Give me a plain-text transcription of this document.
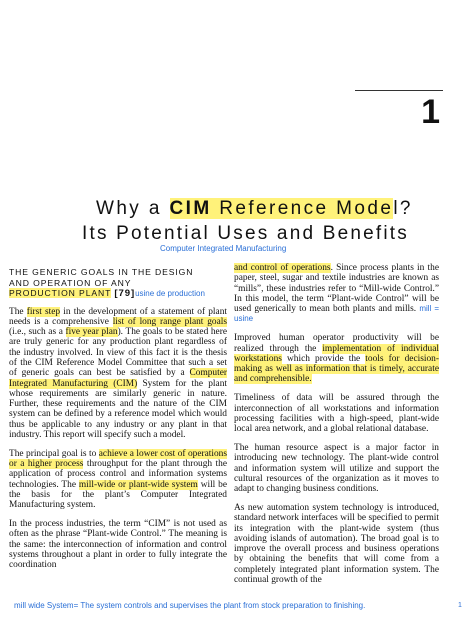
1
Why a CIM Reference Model?
Its Potential Uses and Benefits
Computer Integrated Manufacturing
THE GENERIC GOALS IN THE DESIGN
AND OPERATION OF ANY
PRODUCTION PLANT [79]usine de production

The first step in the development of a statement of plant needs is a comprehensive list of long range plant goals (i.e., such as a five year plan). The goals to be stated here are truly generic for any production plant regardless of the industry involved. In view of this fact it is the thesis of the CIM Reference Model Committee that such a set of generic goals can best be satisfied by a Computer Integrated Manufacturing (CIM) System for the plant whose requirements are similarly generic in nature. Further, these requirements and the nature of the CIM system can be defined by a reference model which would thus be applicable to any industry or any plant in that industry. This report will specify such a model.

The principal goal is to achieve a lower cost of operations or a higher process throughput for the plant through the application of process control and information systems technologies. The mill-wide or plant-wide system will be the basis for the plant’s Computer Integrated Manufacturing system.

In the process industries, the term “CIM” is not used as often as the phrase “Plant-wide Control.” The meaning is the same: the interconnection of information and control systems throughout a plant in order to fully integrate the coordination

and control of operations. Since process plants in the paper, steel, sugar and textile industries are known as “mills”, these industries refer to “Mill-wide Control.” In this model, the term “Plant-wide Control” will be used generically to mean both plants and mills. mill = usine

Improved human operator productivity will be realized through the implementation of individual workstations which provide the tools for decision-making as well as information that is timely, accurate and comprehensible.

Timeliness of data will be assured through the interconnection of all workstations and information processing facilities with a high-speed, plant-wide local area network, and a global relational database.

The human resource aspect is a major factor in introducing new technology. The plant-wide control and information system will utilize and support the cultural resources of the organization as it moves to adapt to changing business conditions.

As new automation system technology is introduced, standard network interfaces will be specified to permit its integration with the plant-wide system (thus avoiding islands of automation). The broad goal is to improve the overall process and business operations by obtaining the benefits that will come from a completely integrated plant information system. The continual growth of the

mill wide System= The system controls and supervises the plant from stock preparation to finishing.	1
